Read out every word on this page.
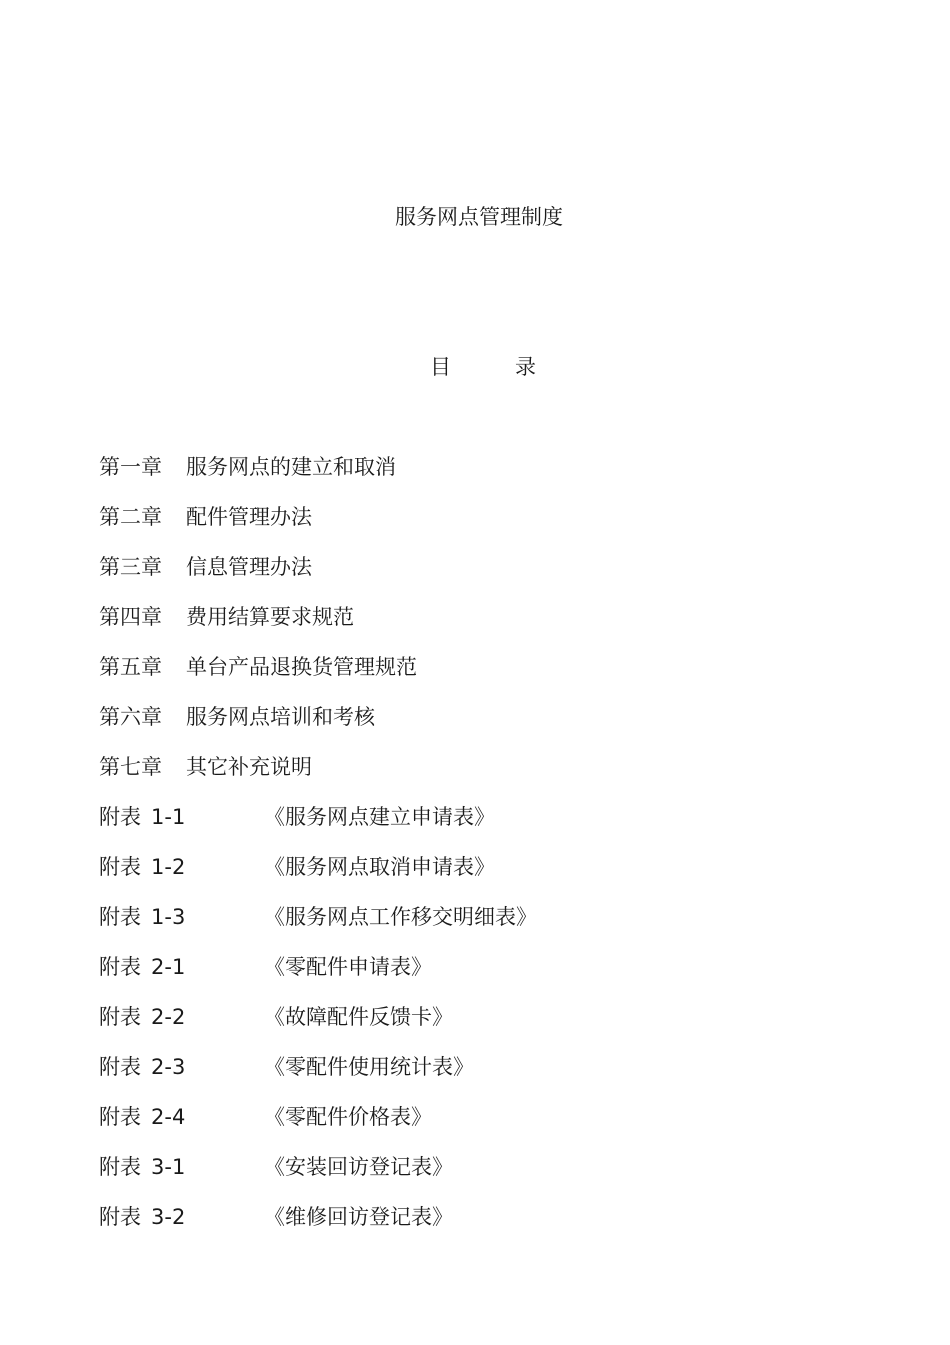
服务网点管理制度
目	录
第一章	服务网点的建立和取消
第二章	配件管理办法
第三章	信息管理办法
第四章	费用结算要求规范
第五章	单台产品退换货管理规范
第六章	服务网点培训和考核
第七章	其它补充说明
附表 1-1	《服务网点建立申请表》
附表 1-2	《服务网点取消申请表》
附表 1-3	《服务网点工作移交明细表》
附表 2-1	《零配件申请表》
附表 2-2	《故障配件反馈卡》
附表 2-3	《零配件使用统计表》
附表 2-4	《零配件价格表》
附表 3-1	《安装回访登记表》
附表 3-2	《维修回访登记表》
